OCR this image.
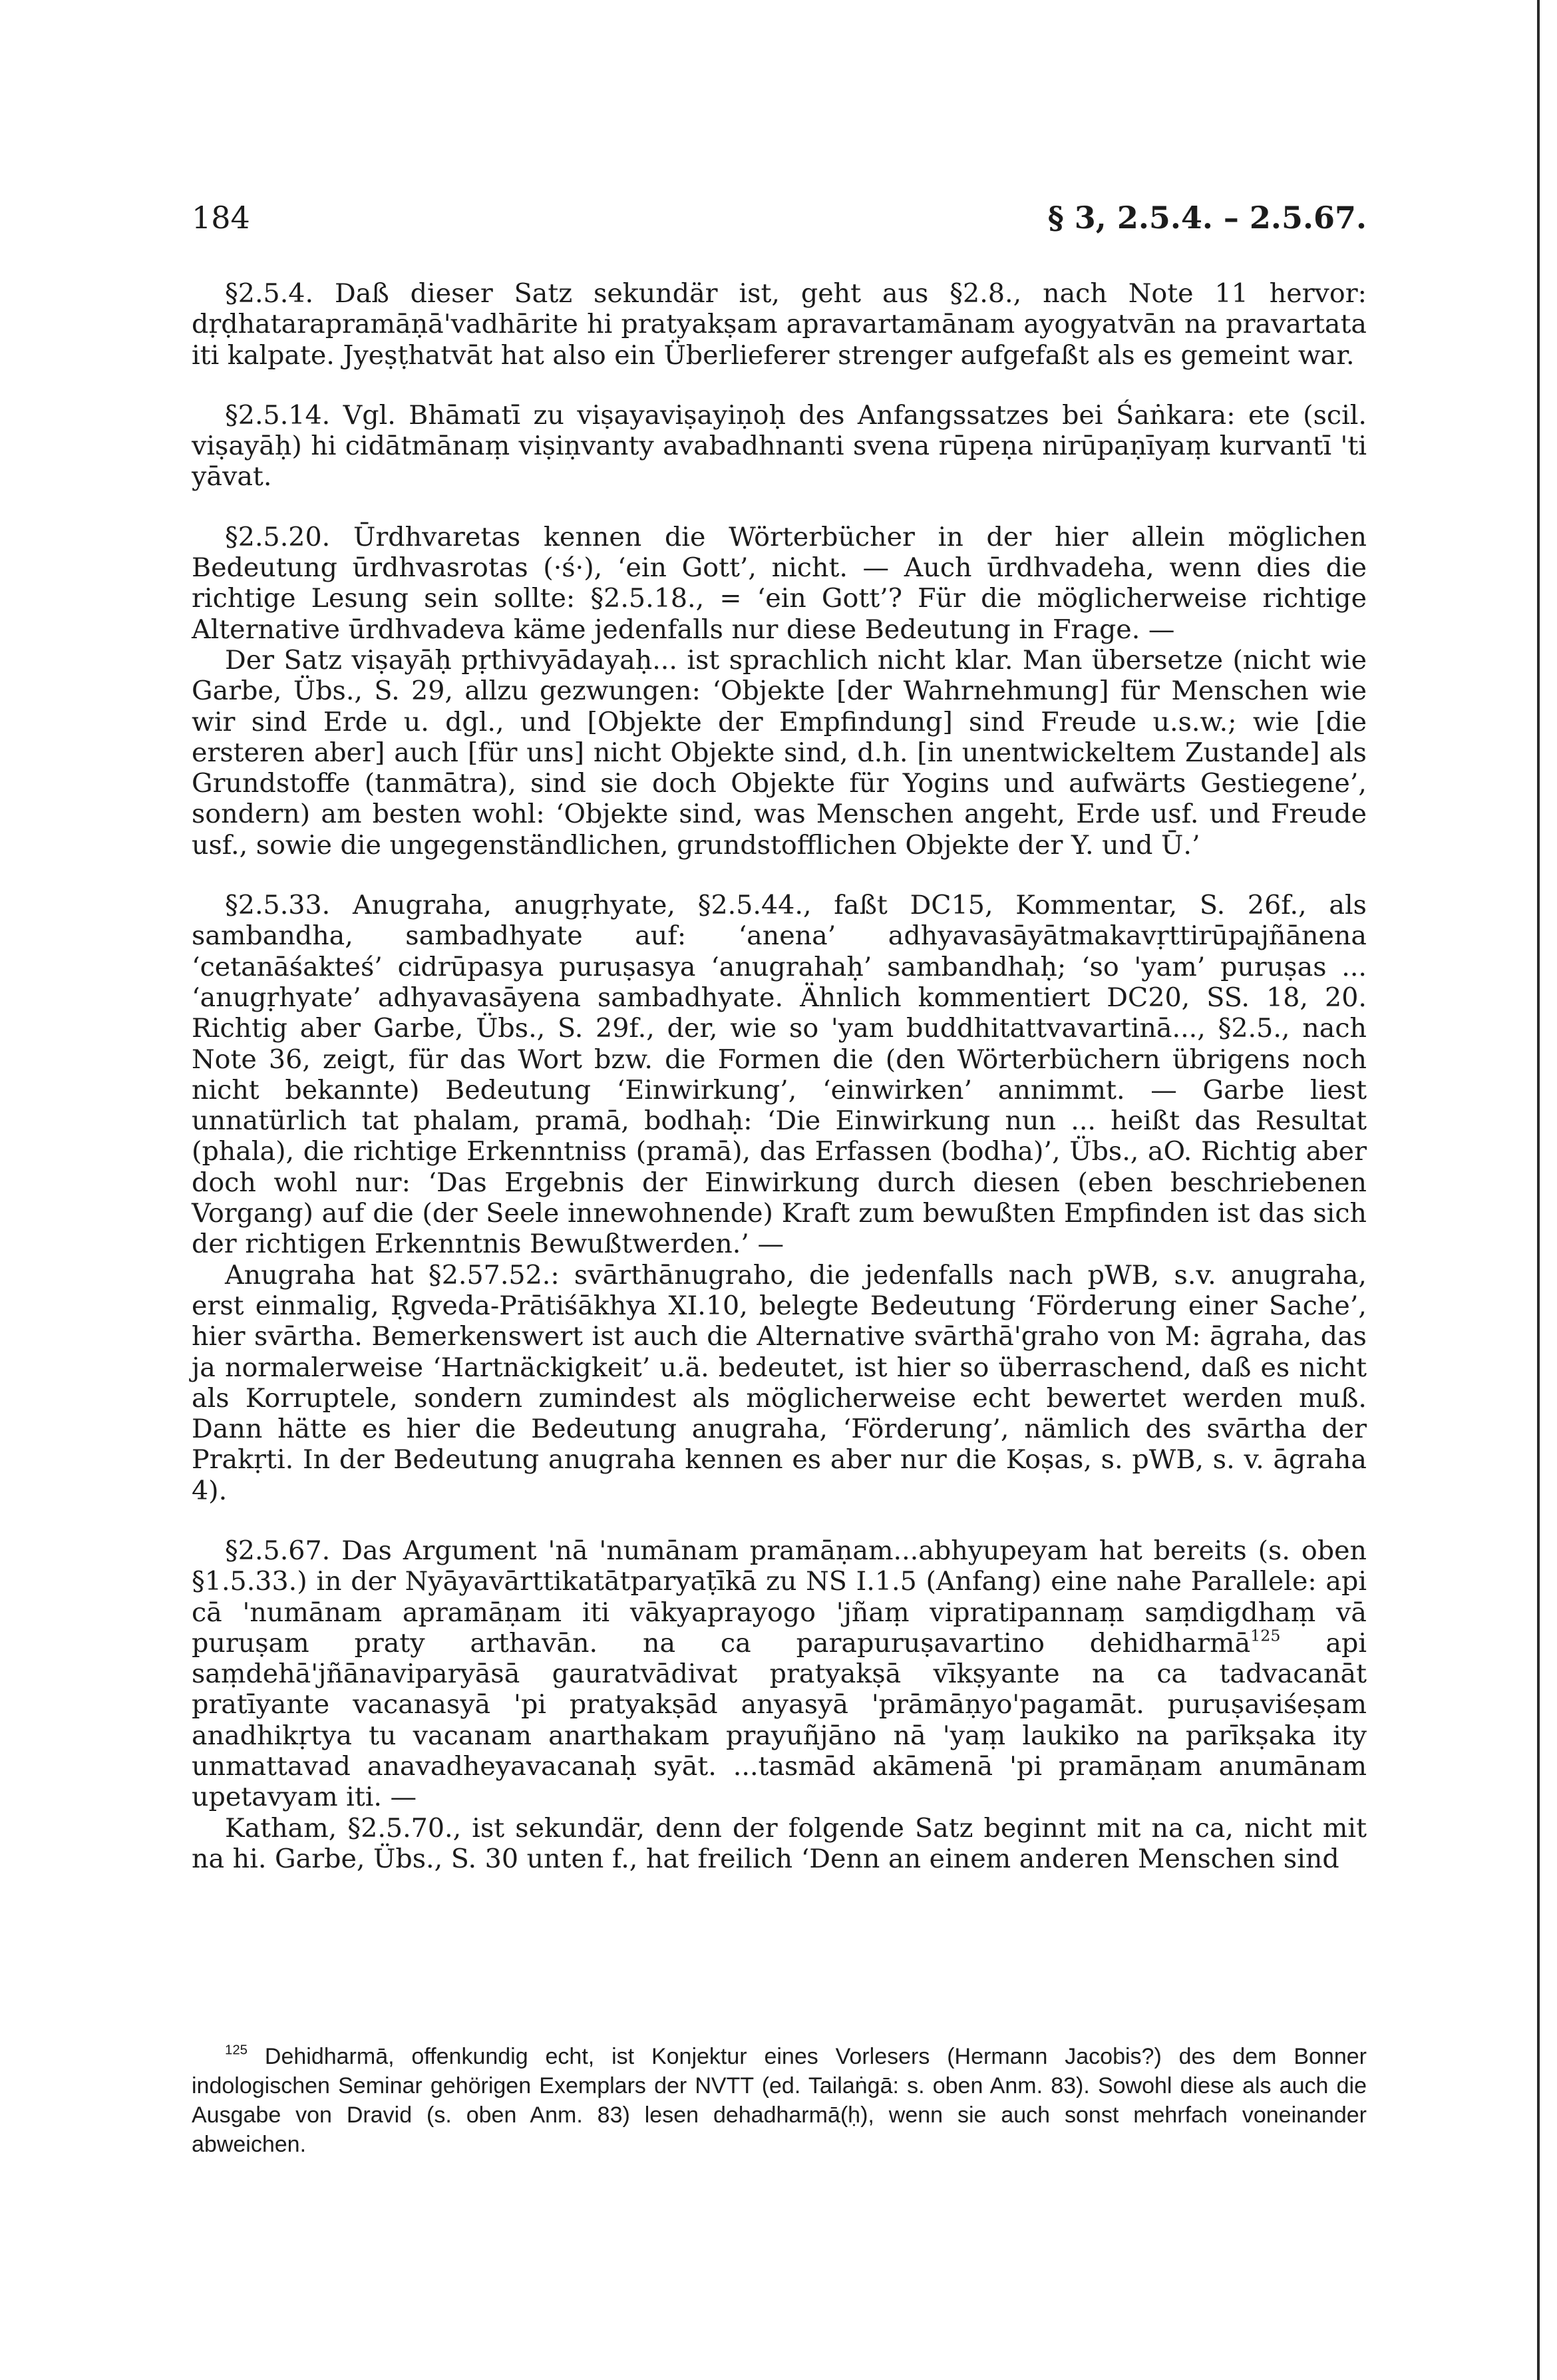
184	§ 3, 2.5.4. – 2.5.67.

§2.5.4. Daß dieser Satz sekundär ist, geht aus §2.8., nach Note 11 hervor: dṛḍhatarapramāṇā'vadhārite hi pratyakṣam apravartamānam ayogyatvān na pravartata iti kalpate. Jyeṣṭhatvāt hat also ein Überlieferer strenger aufgefaßt als es gemeint war.

§2.5.14. Vgl. Bhāmatī zu viṣayaviṣayiṇoḥ des Anfangssatzes bei Śaṅkara: ete (scil. viṣayāḥ) hi cidātmānaṃ viṣiṇvanty avabadhnanti svena rūpeṇa nirūpaṇīyaṃ kurvantī 'ti yāvat.

§2.5.20. Ūrdhvaretas kennen die Wörterbücher in der hier allein möglichen Bedeutung ūrdhvasrotas (·ś·), ‘ein Gott’, nicht. — Auch ūrdhvadeha, wenn dies die richtige Lesung sein sollte: §2.5.18., = ‘ein Gott’? Für die möglicherweise richtige Alternative ūrdhvadeva käme jedenfalls nur diese Bedeutung in Frage. —

Der Satz viṣayāḥ pṛthivyādayaḥ... ist sprachlich nicht klar. Man übersetze (nicht wie Garbe, Übs., S. 29, allzu gezwungen: ‘Objekte [der Wahrnehmung] für Menschen wie wir sind Erde u. dgl., und [Objekte der Empfindung] sind Freude u.s.w.; wie [die ersteren aber] auch [für uns] nicht Objekte sind, d.h. [in unentwickeltem Zustande] als Grundstoffe (tanmātra), sind sie doch Objekte für Yogins und aufwärts Gestiegene’, sondern) am besten wohl: ‘Objekte sind, was Menschen angeht, Erde usf. und Freude usf., sowie die ungegenständlichen, grundstofflichen Objekte der Y. und Ū.’

§2.5.33. Anugraha, anugṛhyate, §2.5.44., faßt DC15, Kommentar, S. 26f., als sambandha, sambadhyate auf: ‘anena’ adhyavasāyātmakavṛttirūpajñānena ‘cetanāśakteś’ cidrūpasya puruṣasya ‘anugrahaḥ’ sambandhaḥ; ‘so 'yam’ puruṣas ... ‘anugṛhyate’ adhyavasāyena sambadhyate. Ähnlich kommentiert DC20, SS. 18, 20. Richtig aber Garbe, Übs., S. 29f., der, wie so 'yam buddhitattvavartinā..., §2.5., nach Note 36, zeigt, für das Wort bzw. die Formen die (den Wörterbüchern übrigens noch nicht bekannte) Bedeutung ‘Einwirkung’, ‘einwirken’ annimmt. — Garbe liest unnatürlich tat phalam, pramā, bodhaḥ: ‘Die Einwirkung nun ... heißt das Resultat (phala), die richtige Erkenntniss (pramā), das Erfassen (bodha)’, Übs., aO. Richtig aber doch wohl nur: ‘Das Ergebnis der Einwirkung durch diesen (eben beschriebenen Vorgang) auf die (der Seele innewohnende) Kraft zum bewußten Empfinden ist das sich der richtigen Erkenntnis Bewußtwerden.’ —

Anugraha hat §2.57.52.: svārthānugraho, die jedenfalls nach pWB, s.v. anugraha, erst einmalig, Ṛgveda-Prātiśākhya XI.10, belegte Bedeutung ‘Förderung einer Sache’, hier svārtha. Bemerkenswert ist auch die Alternative svārthā'graho von M: āgraha, das ja normalerweise ‘Hartnäckigkeit’ u.ä. bedeutet, ist hier so überraschend, daß es nicht als Korruptele, sondern zumindest als möglicherweise echt bewertet werden muß. Dann hätte es hier die Bedeutung anugraha, ‘Förderung’, nämlich des svārtha der Prakṛti. In der Bedeutung anugraha kennen es aber nur die Koṣas, s. pWB, s. v. āgraha 4).

§2.5.67. Das Argument 'nā 'numānam pramāṇam...abhyupeyam hat bereits (s. oben §1.5.33.) in der Nyāyavārttikatātparyaṭīkā zu NS I.1.5 (Anfang) eine nahe Parallele: api cā 'numānam apramāṇam iti vākyaprayogo 'jñaṃ vipratipannaṃ saṃdigdhaṃ vā puruṣam praty arthavān. na ca parapuruṣavartino dehidharmā$^{125}$ api saṃdehā'jñānaviparyāsā gauratvādivat pratyakṣā vīkṣyante na ca tadvacanāt pratīyante vacanasyā 'pi pratyakṣād anyasyā 'prāmāṇyo'pagamāt. puruṣaviśeṣam anadhikṛtya tu vacanam anarthakam prayuñjāno nā 'yaṃ laukiko na parīkṣaka ity unmattavad anavadheyavacanaḥ syāt. ...tasmād akāmenā 'pi pramāṇam anumānam upetavyam iti. —

Katham, §2.5.70., ist sekundär, denn der folgende Satz beginnt mit na ca, nicht mit na hi. Garbe, Übs., S. 30 unten f., hat freilich ‘Denn an einem anderen Menschen sind

$^{125}$ Dehidharmā, offenkundig echt, ist Konjektur eines Vorlesers (Hermann Jacobis?) des dem Bonner indologischen Seminar gehörigen Exemplars der NVTT (ed. Tailaṅgā: s. oben Anm. 83). Sowohl diese als auch die Ausgabe von Dravid (s. oben Anm. 83) lesen dehadharmā(ḥ), wenn sie auch sonst mehrfach voneinander abweichen.
